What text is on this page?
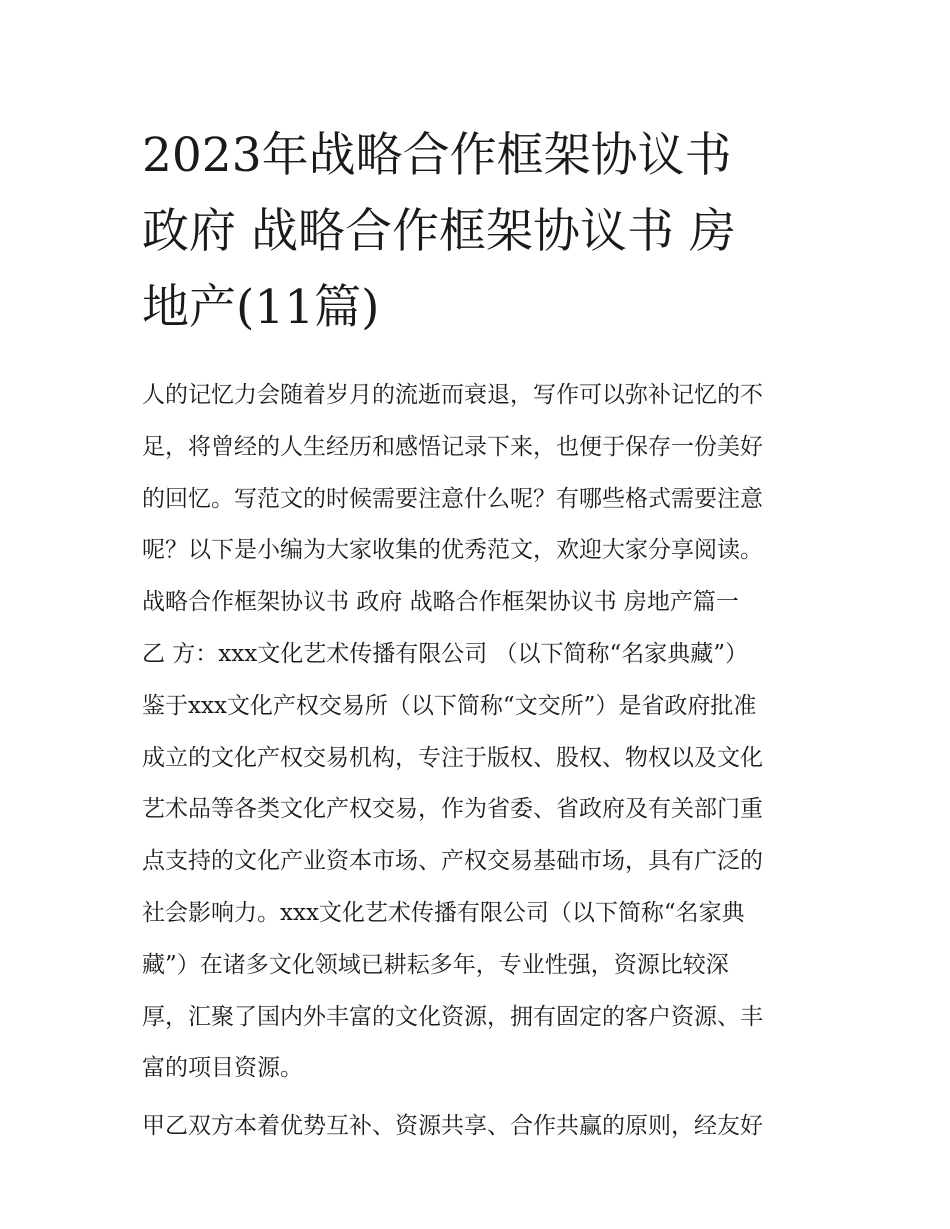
2023年战略合作框架协议书
政府 战略合作框架协议书 房
地产(11篇)

人的记忆力会随着岁月的流逝而衰退，写作可以弥补记忆的不
足，将曾经的人生经历和感悟记录下来，也便于保存一份美好
的回忆。写范文的时候需要注意什么呢？有哪些格式需要注意
呢？以下是小编为大家收集的优秀范文，欢迎大家分享阅读。

战略合作框架协议书 政府 战略合作框架协议书 房地产篇一

乙 方：xxx文化艺术传播有限公司 （以下简称“名家典藏”）

鉴于xxx文化产权交易所（以下简称“文交所”）是省政府批准
成立的文化产权交易机构，专注于版权、股权、物权以及文化
艺术品等各类文化产权交易，作为省委、省政府及有关部门重
点支持的文化产业资本市场、产权交易基础市场，具有广泛的
社会影响力。xxx文化艺术传播有限公司（以下简称“名家典
藏”）在诸多文化领域已耕耘多年，专业性强，资源比较深
厚，汇聚了国内外丰富的文化资源，拥有固定的客户资源、丰
富的项目资源。

甲乙双方本着优势互补、资源共享、合作共赢的原则，经友好
